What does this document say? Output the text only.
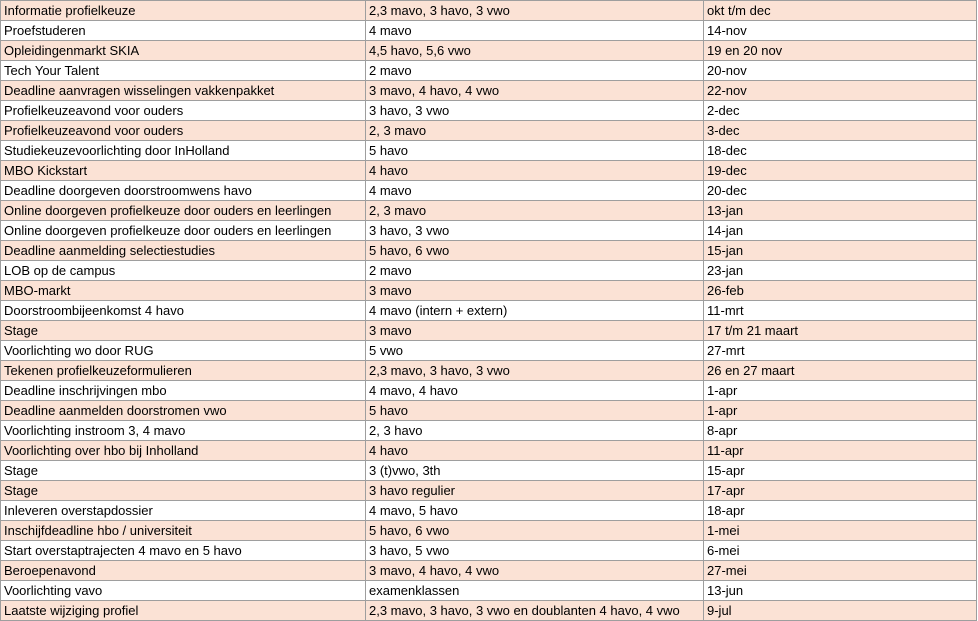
Informatie profielkeuze	2,3 mavo, 3 havo, 3 vwo	okt t/m dec
Proefstuderen	4 mavo	14-nov
Opleidingenmarkt SKIA	4,5 havo, 5,6 vwo	19 en 20 nov
Tech Your Talent	2 mavo	20-nov
Deadline aanvragen wisselingen vakkenpakket	3 mavo, 4 havo, 4 vwo	22-nov
Profielkeuzeavond voor ouders	3 havo, 3 vwo	2-dec
Profielkeuzeavond voor ouders	2, 3 mavo	3-dec
Studiekeuzevoorlichting door InHolland	5 havo	18-dec
MBO Kickstart	4 havo	19-dec
Deadline doorgeven doorstroomwens havo	4 mavo	20-dec
Online doorgeven profielkeuze door ouders en leerlingen	2, 3 mavo	13-jan
Online doorgeven profielkeuze door ouders en leerlingen	3 havo, 3 vwo	14-jan
Deadline aanmelding selectiestudies	5 havo, 6 vwo	15-jan
LOB op de campus	2 mavo	23-jan
MBO-markt	3 mavo	26-feb
Doorstroombijeenkomst 4 havo	4 mavo (intern + extern)	11-mrt
Stage	3 mavo	17 t/m 21 maart
Voorlichting wo door RUG	5 vwo	27-mrt
Tekenen profielkeuzeformulieren	2,3 mavo, 3 havo, 3 vwo	26 en 27 maart
Deadline inschrijvingen mbo	4 mavo, 4 havo	1-apr
Deadline aanmelden doorstromen vwo	5 havo	1-apr
Voorlichting instroom 3, 4 mavo	2, 3 havo	8-apr
Voorlichting over hbo bij Inholland	4 havo	11-apr
Stage	3 (t)vwo, 3th	15-apr
Stage	3 havo regulier	17-apr
Inleveren overstapdossier	4 mavo, 5 havo	18-apr
Inschijfdeadline hbo / universiteit	5 havo, 6 vwo	1-mei
Start overstaptrajecten 4 mavo en 5 havo	3 havo, 5 vwo	6-mei
Beroepenavond	3 mavo, 4 havo, 4 vwo	27-mei
Voorlichting vavo	examenklassen	13-jun
Laatste wijziging profiel	2,3 mavo, 3 havo, 3 vwo en doublanten 4 havo, 4 vwo	9-jul
